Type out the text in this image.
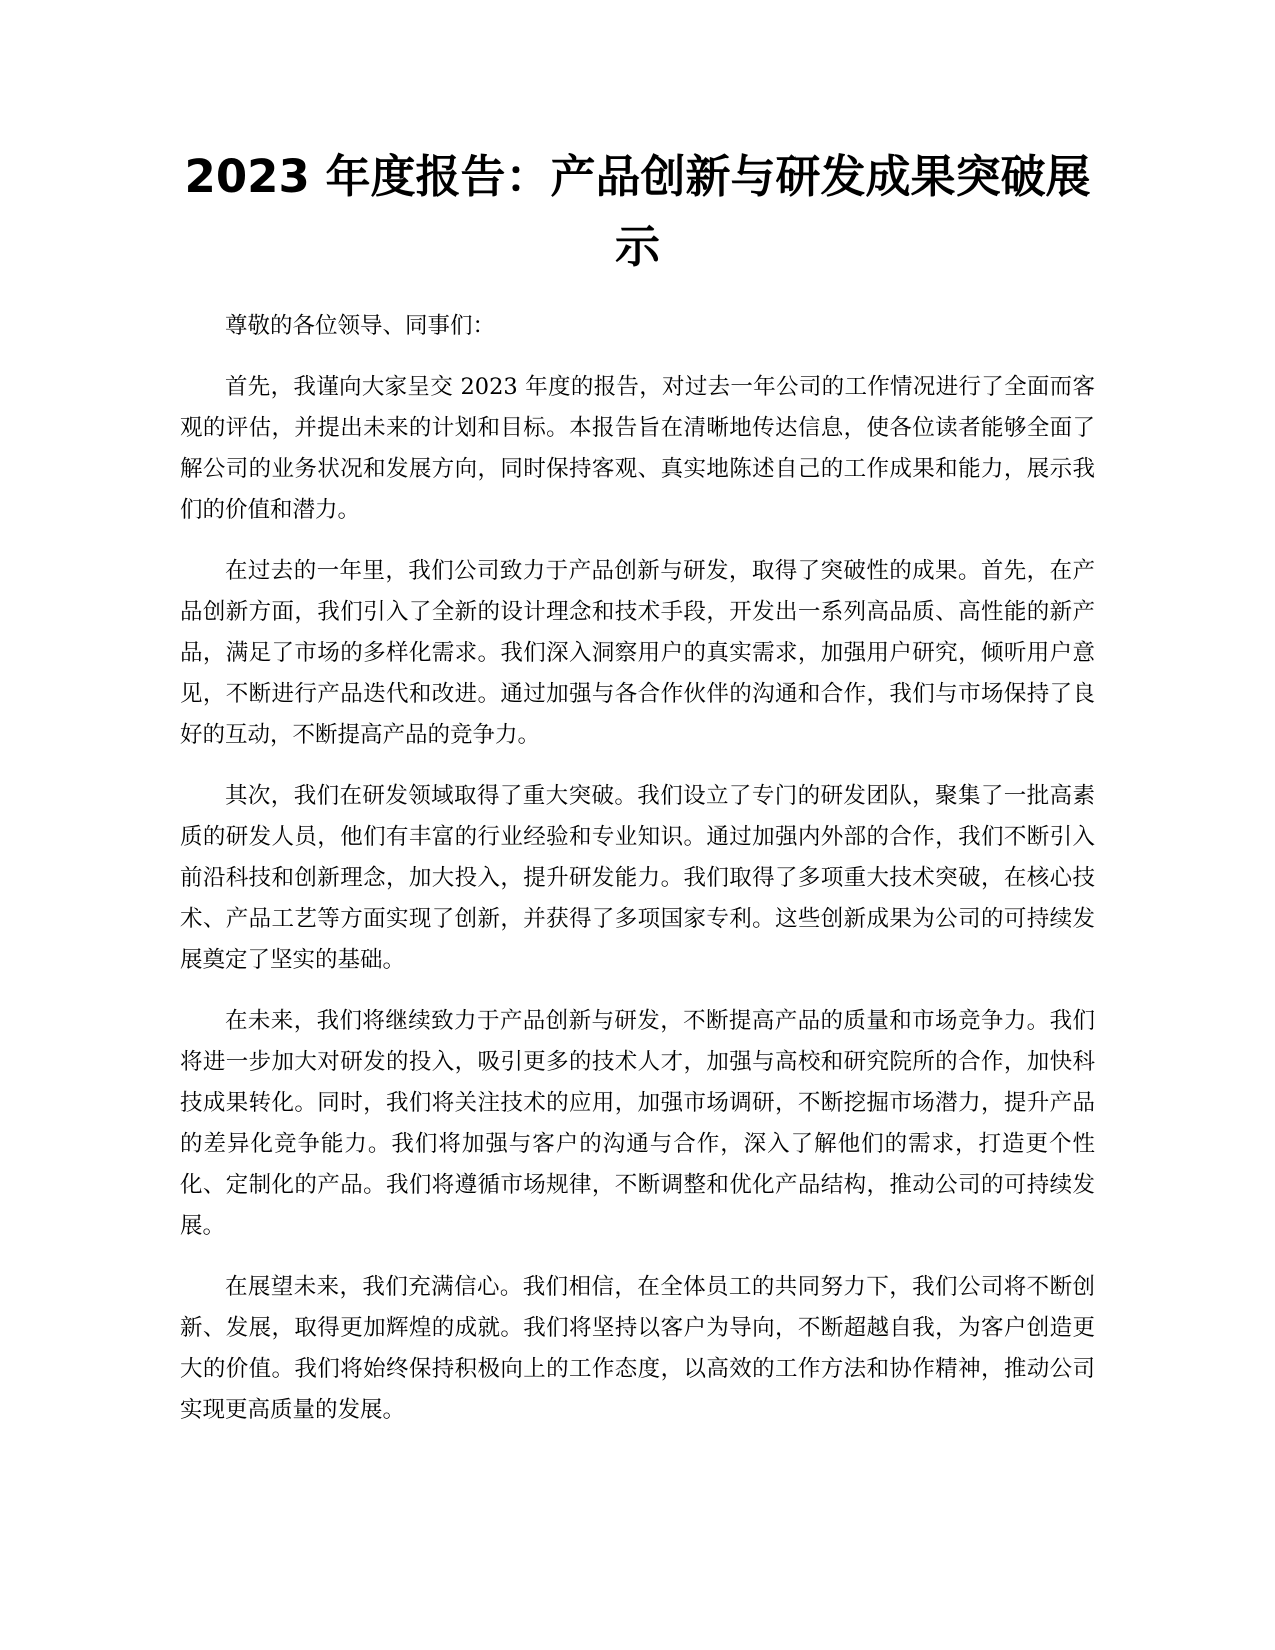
2023 年度报告：产品创新与研发成果突破展示

尊敬的各位领导、同事们：

首先，我谨向大家呈交 2023 年度的报告，对过去一年公司的工作情况进行了全面而客观的评估，并提出未来的计划和目标。本报告旨在清晰地传达信息，使各位读者能够全面了解公司的业务状况和发展方向，同时保持客观、真实地陈述自己的工作成果和能力，展示我们的价值和潜力。

在过去的一年里，我们公司致力于产品创新与研发，取得了突破性的成果。首先，在产品创新方面，我们引入了全新的设计理念和技术手段，开发出一系列高品质、高性能的新产品，满足了市场的多样化需求。我们深入洞察用户的真实需求，加强用户研究，倾听用户意见，不断进行产品迭代和改进。通过加强与各合作伙伴的沟通和合作，我们与市场保持了良好的互动，不断提高产品的竞争力。

其次，我们在研发领域取得了重大突破。我们设立了专门的研发团队，聚集了一批高素质的研发人员，他们有丰富的行业经验和专业知识。通过加强内外部的合作，我们不断引入前沿科技和创新理念，加大投入，提升研发能力。我们取得了多项重大技术突破，在核心技术、产品工艺等方面实现了创新，并获得了多项国家专利。这些创新成果为公司的可持续发展奠定了坚实的基础。

在未来，我们将继续致力于产品创新与研发，不断提高产品的质量和市场竞争力。我们将进一步加大对研发的投入，吸引更多的技术人才，加强与高校和研究院所的合作，加快科技成果转化。同时，我们将关注技术的应用，加强市场调研，不断挖掘市场潜力，提升产品的差异化竞争能力。我们将加强与客户的沟通与合作，深入了解他们的需求，打造更个性化、定制化的产品。我们将遵循市场规律，不断调整和优化产品结构，推动公司的可持续发展。

在展望未来，我们充满信心。我们相信，在全体员工的共同努力下，我们公司将不断创新、发展，取得更加辉煌的成就。我们将坚持以客户为导向，不断超越自我，为客户创造更大的价值。我们将始终保持积极向上的工作态度，以高效的工作方法和协作精神，推动公司实现更高质量的发展。
